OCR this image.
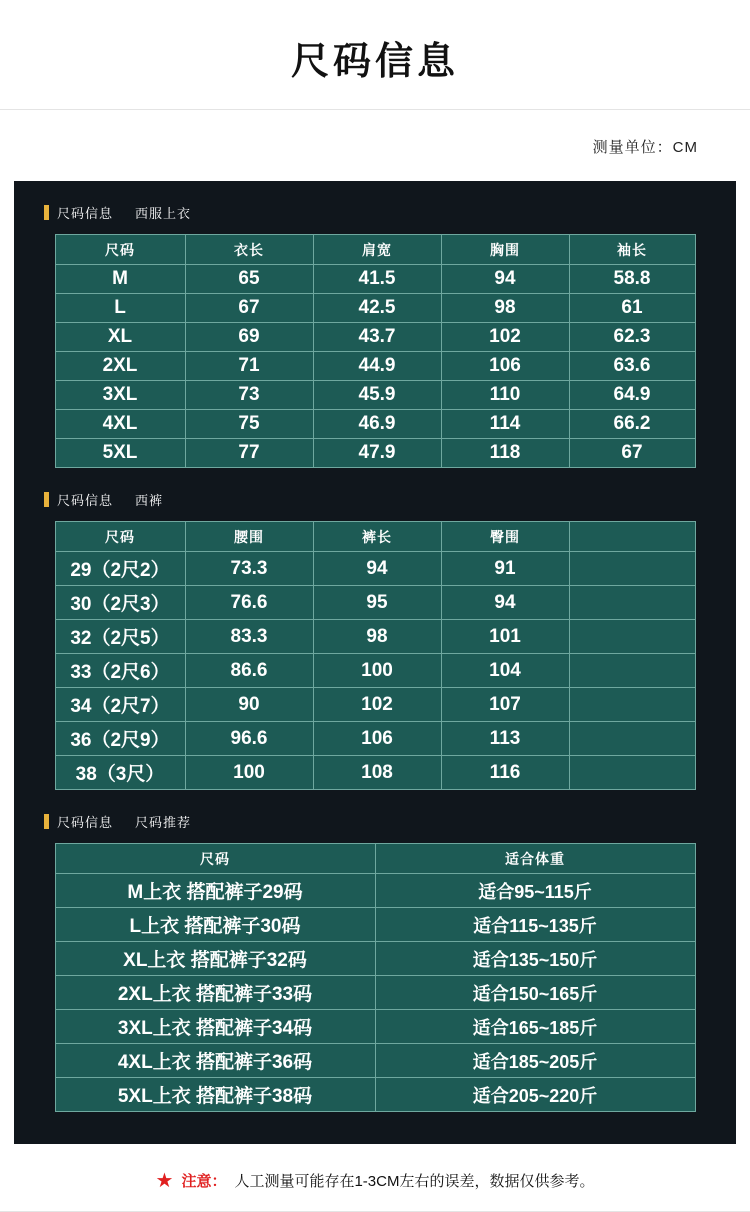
尺码信息
测量单位：CM
尺码信息 西服上衣
尺码	衣长	肩宽	胸围	袖长
M	65	41.5	94	58.8
L	67	42.5	98	61
XL	69	43.7	102	62.3
2XL	71	44.9	106	63.6
3XL	73	45.9	110	64.9
4XL	75	46.9	114	66.2
5XL	77	47.9	118	67
尺码信息 西裤
尺码	腰围	裤长	臀围	
29（2尺2）	73.3	94	91	
30（2尺3）	76.6	95	94	
32（2尺5）	83.3	98	101	
33（2尺6）	86.6	100	104	
34（2尺7）	90	102	107	
36（2尺9）	96.6	106	113	
38（3尺）	100	108	116	
尺码信息 尺码推荐
尺码	适合体重
M上衣 搭配裤子29码	适合95~115斤
L上衣 搭配裤子30码	适合115~135斤
XL上衣 搭配裤子32码	适合135~150斤
2XL上衣 搭配裤子33码	适合150~165斤
3XL上衣 搭配裤子34码	适合165~185斤
4XL上衣 搭配裤子36码	适合185~205斤
5XL上衣 搭配裤子38码	适合205~220斤
★ 注意： 人工测量可能存在1-3CM左右的误差，数据仅供参考。
